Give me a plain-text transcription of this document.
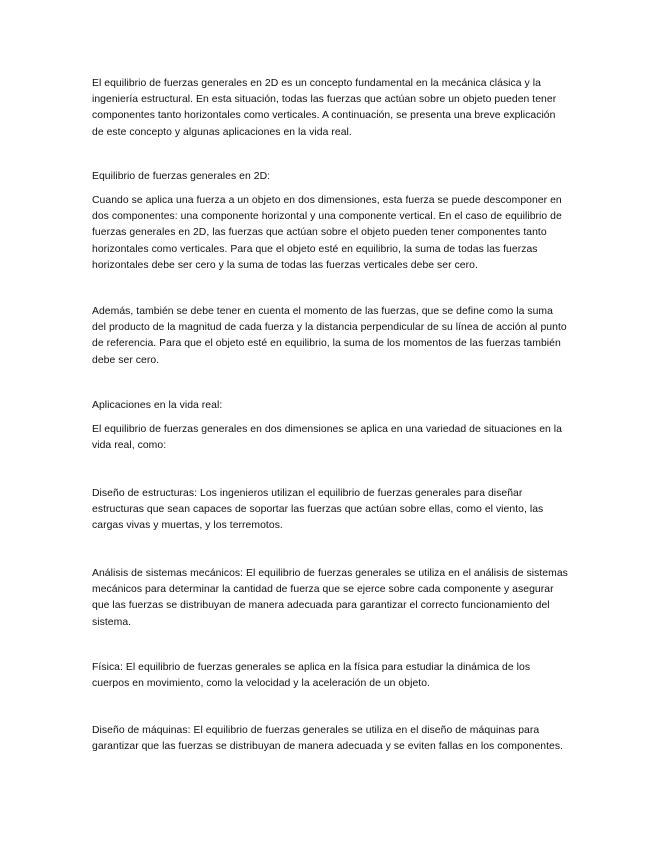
El equilibrio de fuerzas generales en 2D es un concepto fundamental en la mecánica clásica y la ingeniería estructural. En esta situación, todas las fuerzas que actúan sobre un objeto pueden tener componentes tanto horizontales como verticales. A continuación, se presenta una breve explicación de este concepto y algunas aplicaciones en la vida real.

Equilibrio de fuerzas generales en 2D:

Cuando se aplica una fuerza a un objeto en dos dimensiones, esta fuerza se puede descomponer en dos componentes: una componente horizontal y una componente vertical. En el caso de equilibrio de fuerzas generales en 2D, las fuerzas que actúan sobre el objeto pueden tener componentes tanto horizontales como verticales. Para que el objeto esté en equilibrio, la suma de todas las fuerzas horizontales debe ser cero y la suma de todas las fuerzas verticales debe ser cero.

Además, también se debe tener en cuenta el momento de las fuerzas, que se define como la suma del producto de la magnitud de cada fuerza y la distancia perpendicular de su línea de acción al punto de referencia. Para que el objeto esté en equilibrio, la suma de los momentos de las fuerzas también debe ser cero.

Aplicaciones en la vida real:

El equilibrio de fuerzas generales en dos dimensiones se aplica en una variedad de situaciones en la vida real, como:

Diseño de estructuras: Los ingenieros utilizan el equilibrio de fuerzas generales para diseñar estructuras que sean capaces de soportar las fuerzas que actúan sobre ellas, como el viento, las cargas vivas y muertas, y los terremotos.

Análisis de sistemas mecánicos: El equilibrio de fuerzas generales se utiliza en el análisis de sistemas mecánicos para determinar la cantidad de fuerza que se ejerce sobre cada componente y asegurar que las fuerzas se distribuyan de manera adecuada para garantizar el correcto funcionamiento del sistema.

Física: El equilibrio de fuerzas generales se aplica en la física para estudiar la dinámica de los cuerpos en movimiento, como la velocidad y la aceleración de un objeto.

Diseño de máquinas: El equilibrio de fuerzas generales se utiliza en el diseño de máquinas para garantizar que las fuerzas se distribuyan de manera adecuada y se eviten fallas en los componentes.
